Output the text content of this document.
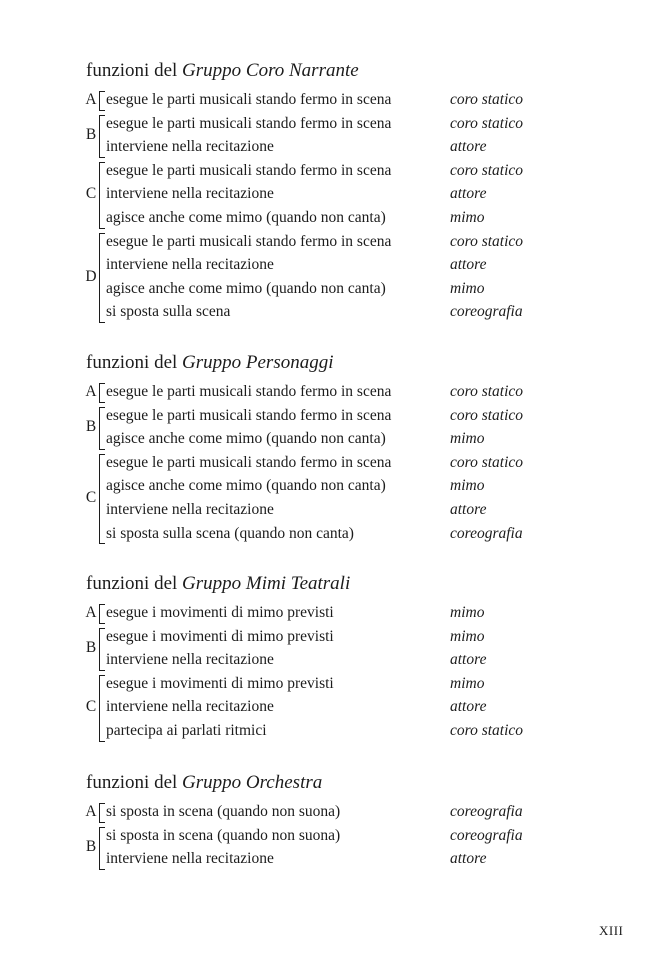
funzioni del Gruppo Coro Narrante
A esegue le parti musicali stando fermo in scena	coro statico
B
esegue le parti musicali stando fermo in scena	coro statico
interviene nella recitazione	attore
C
esegue le parti musicali stando fermo in scena	coro statico
interviene nella recitazione	attore
agisce anche come mimo (quando non canta)	mimo
D
esegue le parti musicali stando fermo in scena	coro statico
interviene nella recitazione	attore
agisce anche come mimo (quando non canta)	mimo
si sposta sulla scena	coreografia
funzioni del Gruppo Personaggi
A esegue le parti musicali stando fermo in scena	coro statico
B
esegue le parti musicali stando fermo in scena	coro statico
agisce anche come mimo (quando non canta)	mimo
C
esegue le parti musicali stando fermo in scena	coro statico
agisce anche come mimo (quando non canta)	mimo
interviene nella recitazione	attore
si sposta sulla scena (quando non canta)	coreografia
funzioni del Gruppo Mimi Teatrali
A esegue i movimenti di mimo previsti	mimo
B
esegue i movimenti di mimo previsti	mimo
interviene nella recitazione	attore
C
esegue i movimenti di mimo previsti	mimo
interviene nella recitazione	attore
partecipa ai parlati ritmici	coro statico
funzioni del Gruppo Orchestra
A si sposta in scena (quando non suona)	coreografia
B
si sposta in scena (quando non suona)	coreografia
interviene nella recitazione	attore
XIII
